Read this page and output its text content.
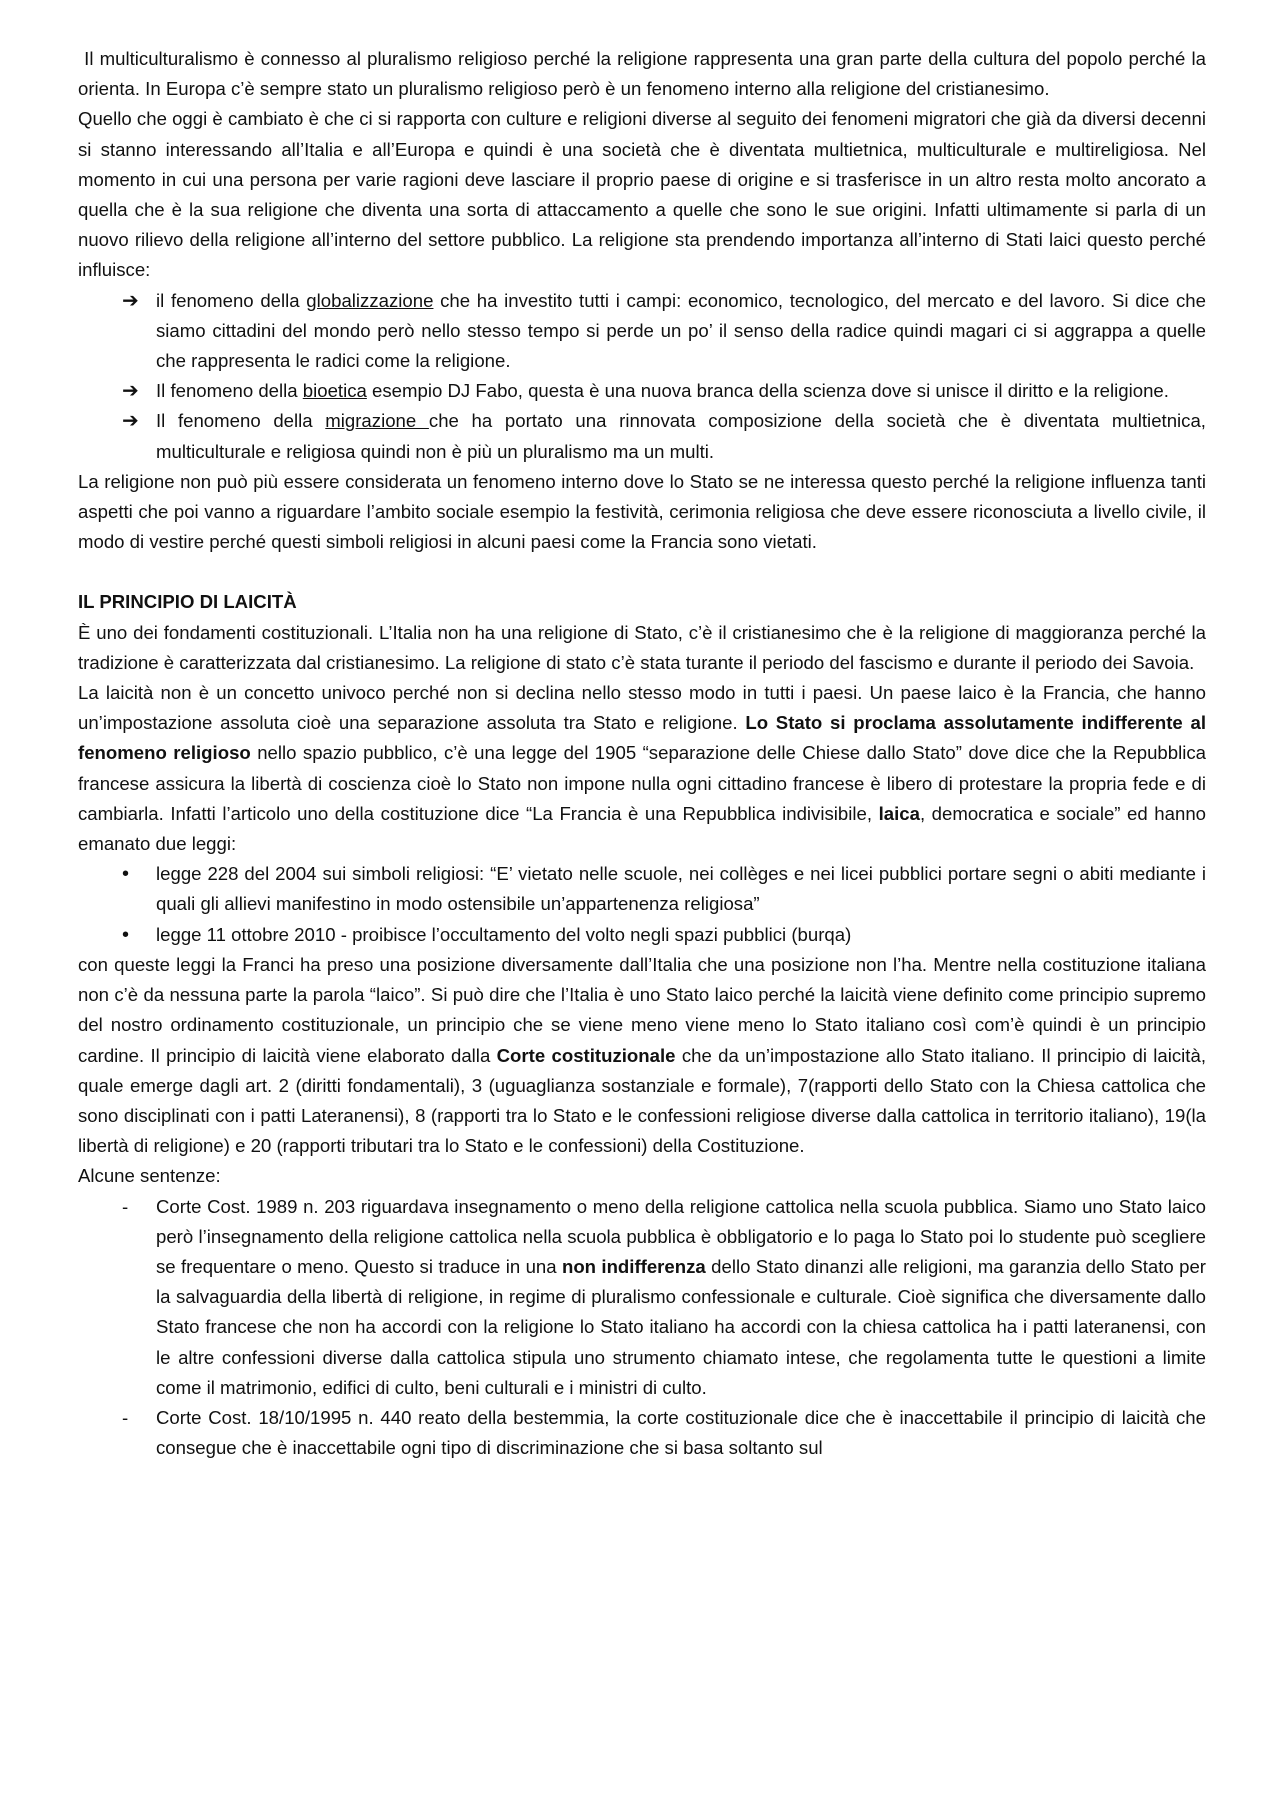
Il multiculturalismo è connesso al pluralismo religioso perché la religione rappresenta una gran parte della cultura del popolo perché la orienta. In Europa c’è sempre stato un pluralismo religioso però è un fenomeno interno alla religione del cristianesimo.

Quello che oggi è cambiato è che ci si rapporta con culture e religioni diverse al seguito dei fenomeni migratori che già da diversi decenni si stanno interessando all’Italia e all’Europa e quindi è una società che è diventata multietnica, multiculturale e multireligiosa. Nel momento in cui una persona per varie ragioni deve lasciare il proprio paese di origine e si trasferisce in un altro resta molto ancorato a quella che è la sua religione che diventa una sorta di attaccamento a quelle che sono le sue origini. Infatti ultimamente si parla di un nuovo rilievo della religione all’interno del settore pubblico. La religione sta prendendo importanza all’interno di Stati laici questo perché influisce:

➔ il fenomeno della globalizzazione che ha investito tutti i campi: economico, tecnologico, del mercato e del lavoro. Si dice che siamo cittadini del mondo però nello stesso tempo si perde un po’ il senso della radice quindi magari ci si aggrappa a quelle che rappresenta le radici come la religione.
➔ Il fenomeno della bioetica esempio DJ Fabo, questa è una nuova branca della scienza dove si unisce il diritto e la religione.
➔ Il fenomeno della migrazione che ha portato una rinnovata composizione della società che è diventata multietnica, multiculturale e religiosa quindi non è più un pluralismo ma un multi.

La religione non può più essere considerata un fenomeno interno dove lo Stato se ne interessa questo perché la religione influenza tanti aspetti che poi vanno a riguardare l’ambito sociale esempio la festività, cerimonia religiosa che deve essere riconosciuta a livello civile, il modo di vestire perché questi simboli religiosi in alcuni paesi come la Francia sono vietati.

IL PRINCIPIO DI LAICITÀ

È uno dei fondamenti costituzionali. L’Italia non ha una religione di Stato, c’è il cristianesimo che è la religione di maggioranza perché la tradizione è caratterizzata dal cristianesimo. La religione di stato c’è stata turante il periodo del fascismo e durante il periodo dei Savoia.

La laicità non è un concetto univoco perché non si declina nello stesso modo in tutti i paesi. Un paese laico è la Francia, che hanno un’impostazione assoluta cioè una separazione assoluta tra Stato e religione. Lo Stato si proclama assolutamente indifferente al fenomeno religioso nello spazio pubblico, c’è una legge del 1905 “separazione delle Chiese dallo Stato” dove dice che la Repubblica francese assicura la libertà di coscienza cioè lo Stato non impone nulla ogni cittadino francese è libero di protestare la propria fede e di cambiarla. Infatti l’articolo uno della costituzione dice “La Francia è una Repubblica indivisibile, laica, democratica e sociale” ed hanno emanato due leggi:

•	legge 228 del 2004 sui simboli religiosi: “E’ vietato nelle scuole, nei collèges e nei licei pubblici portare segni o abiti mediante i quali gli allievi manifestino in modo ostensibile un’appartenenza religiosa”
•	legge 11 ottobre 2010 - proibisce l’occultamento del volto negli spazi pubblici (burqa)

con queste leggi la Franci ha preso una posizione diversamente dall’Italia che una posizione non l’ha. Mentre nella costituzione italiana non c’è da nessuna parte la parola “laico”. Si può dire che l’Italia è uno Stato laico perché la laicità viene definito come principio supremo del nostro ordinamento costituzionale, un principio che se viene meno viene meno lo Stato italiano così com’è quindi è un principio cardine. Il principio di laicità viene elaborato dalla Corte costituzionale che da un’impostazione allo Stato italiano. Il principio di laicità, quale emerge dagli art. 2 (diritti fondamentali), 3 (uguaglianza sostanziale e formale), 7(rapporti dello Stato con la Chiesa cattolica che sono disciplinati con i patti Lateranensi), 8 (rapporti tra lo Stato e le confessioni religiose diverse dalla cattolica in territorio italiano), 19(la libertà di religione) e 20 (rapporti tributari tra lo Stato e le confessioni) della Costituzione.

Alcune sentenze:

-	Corte Cost. 1989 n. 203 riguardava insegnamento o meno della religione cattolica nella scuola pubblica. Siamo uno Stato laico però l’insegnamento della religione cattolica nella scuola pubblica è obbligatorio e lo paga lo Stato poi lo studente può scegliere se frequentare o meno. Questo si traduce in una non indifferenza dello Stato dinanzi alle religioni, ma garanzia dello Stato per la salvaguardia della libertà di religione, in regime di pluralismo confessionale e culturale. Cioè significa che diversamente dallo Stato francese che non ha accordi con la religione lo Stato italiano ha accordi con la chiesa cattolica ha i patti lateranensi, con le altre confessioni diverse dalla cattolica stipula uno strumento chiamato intese, che regolamenta tutte le questioni a limite come il matrimonio, edifici di culto, beni culturali e i ministri di culto.
-	Corte Cost. 18/10/1995 n. 440 reato della bestemmia, la corte costituzionale dice che è inaccettabile il principio di laicità che consegue che è inaccettabile ogni tipo di discriminazione che si basa soltanto sul
